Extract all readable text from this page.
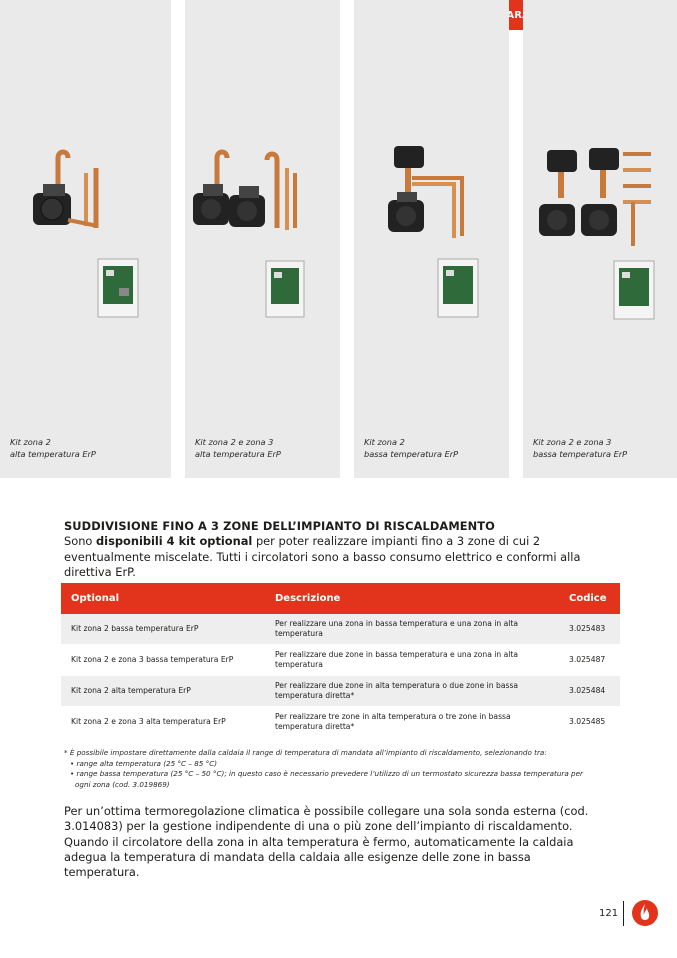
Kit zona 2
alta temperatura ErP
Kit zona 2 e zona 3
alta temperatura ErP
Kit zona 2
bassa temperatura ErP
Kit zona 2 e zona 3
bassa temperatura ErP
SUDDIVISIONE FINO A 3 ZONE DELL’IMPIANTO DI RISCALDAMENTO
Sono disponibili 4 kit optional per poter realizzare impianti fino a 3 zone di cui 2 eventualmente miscelate. Tutti i circolatori sono a basso consumo elettrico e conformi alla direttiva ErP.
Optional	Descrizione	Codice
Kit zona 2 bassa temperatura ErP	Per realizzare una zona in bassa temperatura e una zona in alta temperatura	3.025483
Kit zona 2 e zona 3 bassa temperatura ErP	Per realizzare due zone in bassa temperatura e una zona in alta temperatura	3.025487
Kit zona 2 alta temperatura ErP	Per realizzare due zone in alta temperatura o due zone in bassa temperatura diretta*	3.025484
Kit zona 2 e zona 3 alta temperatura ErP	Per realizzare tre zone in alta temperatura o tre zone in bassa temperatura diretta*	3.025485
* È possibile impostare direttamente dalla caldaia il range di temperatura di mandata all’impianto di riscaldamento, selezionando tra:
• range alta temperatura (25 °C – 85 °C)
• range bassa temperatura (25 °C – 50 °C); in questo caso è necessario prevedere l’utilizzo di un termostato sicurezza bassa temperatura per
ogni zona (cod. 3.019869)
Per un’ottima termoregolazione climatica è possibile collegare una sola sonda esterna (cod. 3.014083) per la gestione indipendente di una o più zone dell’impianto di riscaldamento. Quando il circolatore della zona in alta temperatura è fermo, automaticamente la caldaia adegua la temperatura di mandata della caldaia alle esigenze delle zone in bassa temperatura.
121
